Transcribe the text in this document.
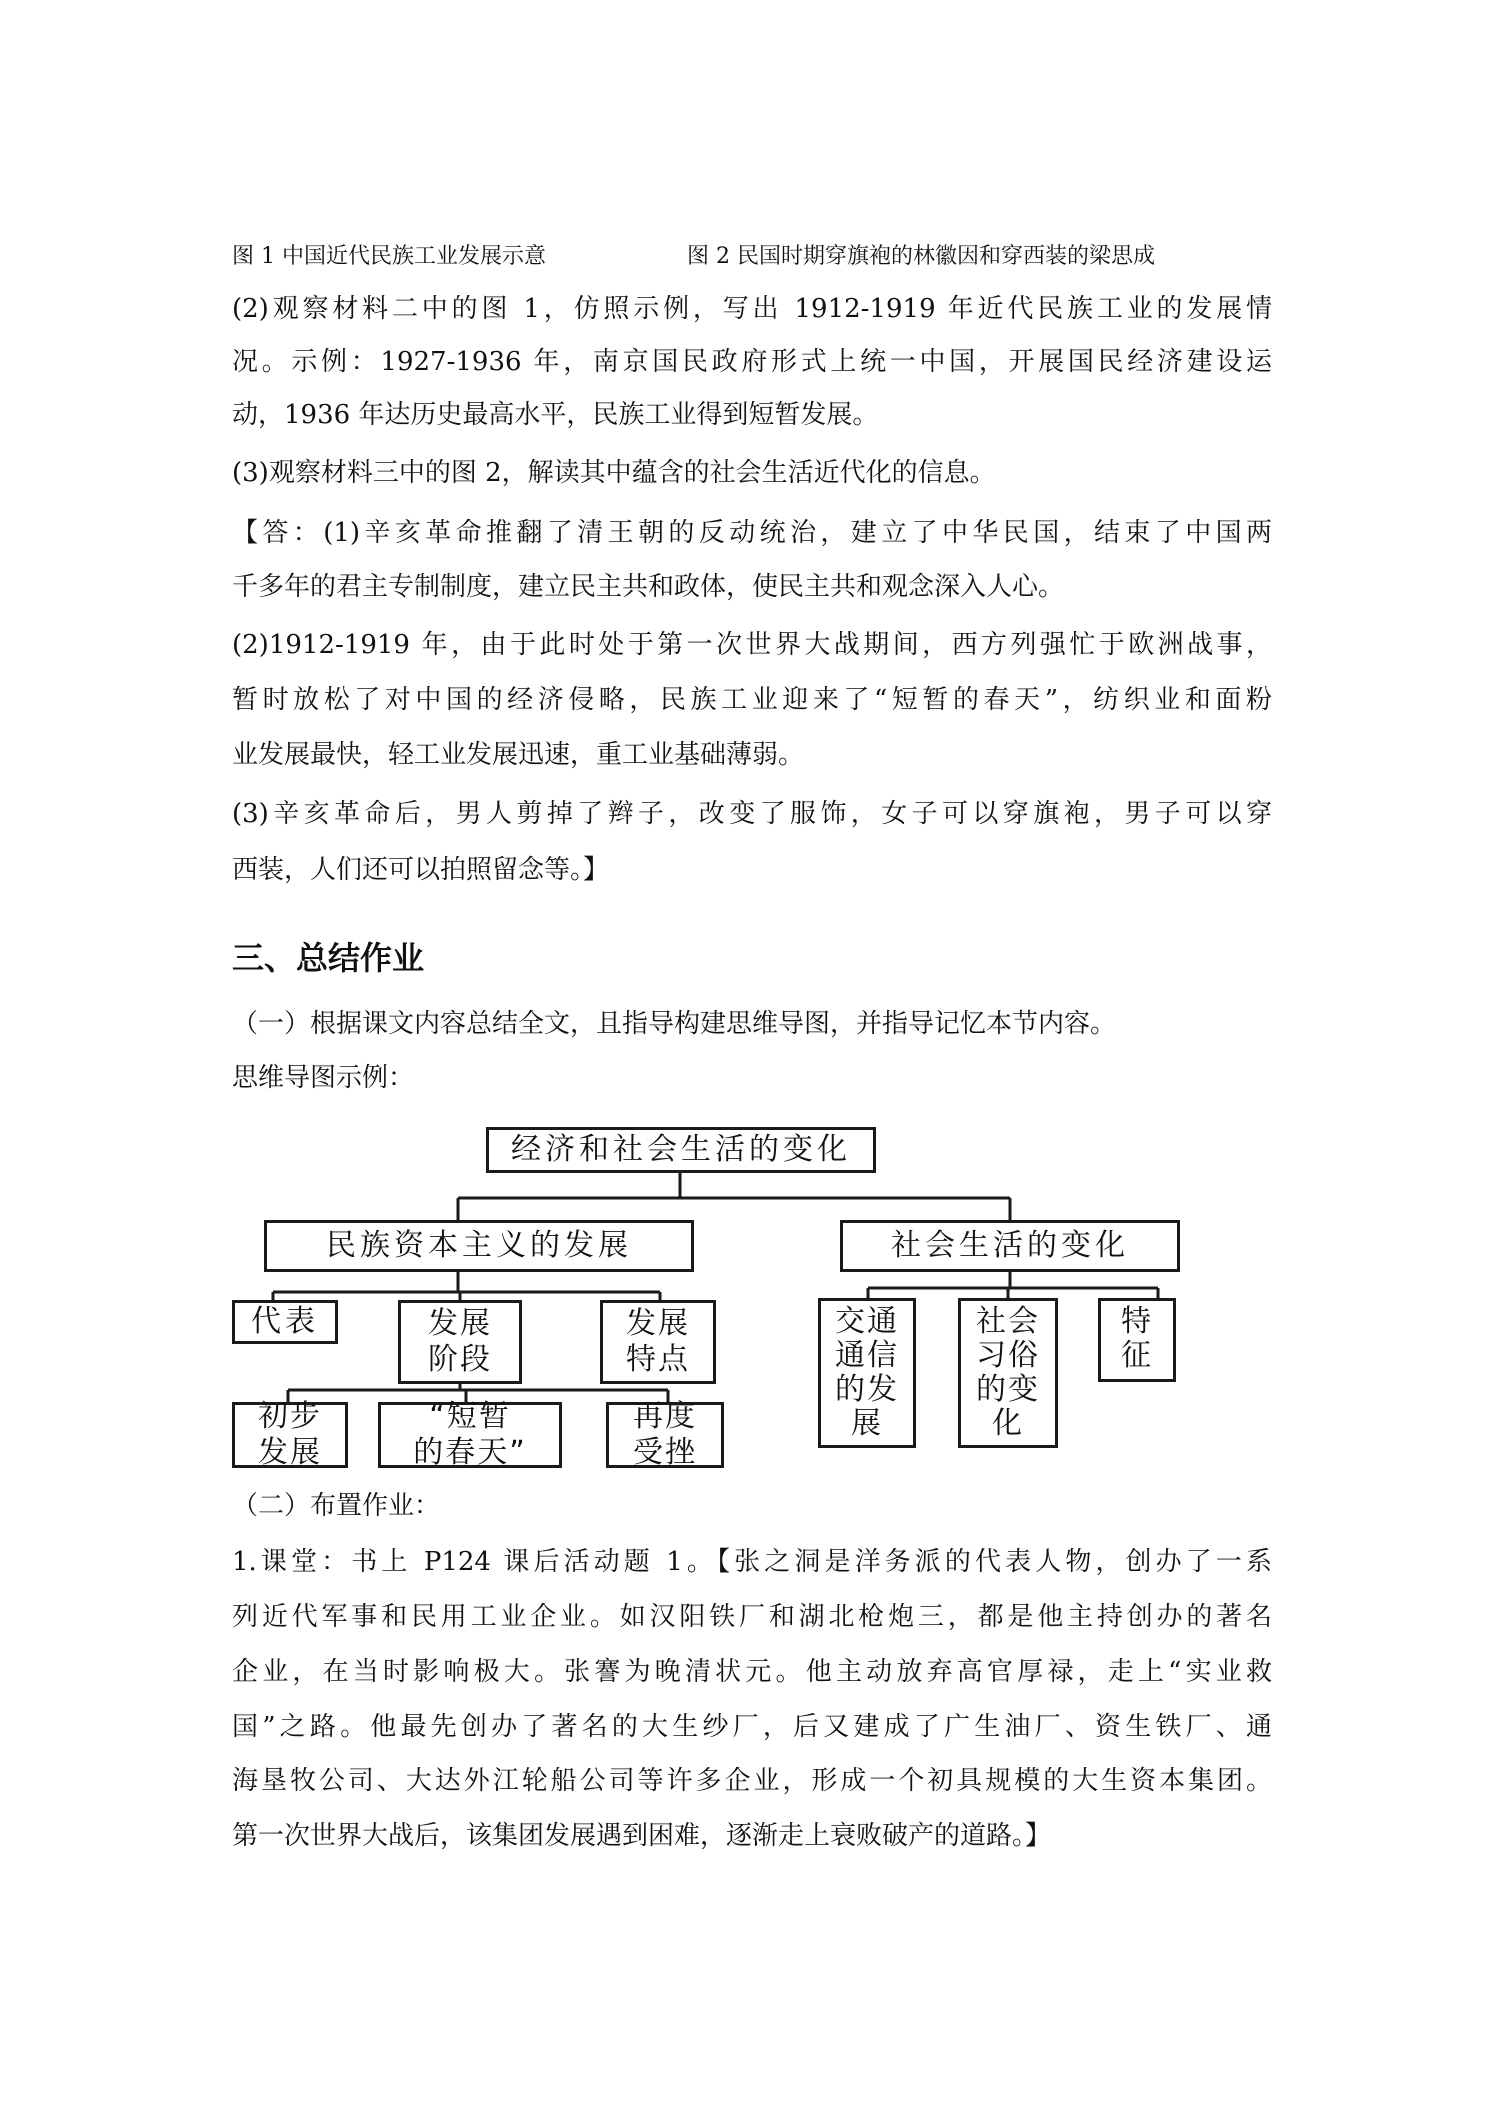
图 1 中国近代民族工业发展示意	图 2 民国时期穿旗袍的林徽因和穿西装的梁思成
(2)观察材料二中的图 1，仿照示例，写出 1912-1919 年近代民族工业的发展情
况。示例：1927-1936 年，南京国民政府形式上统一中国，开展国民经济建设运
动，1936 年达历史最高水平，民族工业得到短暂发展。
(3)观察材料三中的图 2，解读其中蕴含的社会生活近代化的信息。
【答：(1)辛亥革命推翻了清王朝的反动统治，建立了中华民国，结束了中国两
千多年的君主专制制度，建立民主共和政体，使民主共和观念深入人心。
(2)1912-1919 年，由于此时处于第一次世界大战期间，西方列强忙于欧洲战事，
暂时放松了对中国的经济侵略，民族工业迎来了“短暂的春天”，纺织业和面粉
业发展最快，轻工业发展迅速，重工业基础薄弱。
(3)辛亥革命后，男人剪掉了辫子，改变了服饰，女子可以穿旗袍，男子可以穿
西装，人们还可以拍照留念等。】
三、总结作业
（一）根据课文内容总结全文，且指导构建思维导图，并指导记忆本节内容。
思维导图示例：
经济和社会生活的变化
民族资本主义的发展	社会生活的变化
代表	发展
阶段
发展
特点
初步
发展
“短暂
的春天”
再度
受挫
交通
通信
的发
展
社会
习俗
的变
化
特
征
（二）布置作业：
1.课堂：书上 P124 课后活动题 1。【张之洞是洋务派的代表人物，创办了一系
列近代军事和民用工业企业。如汉阳铁厂和湖北枪炮三，都是他主持创办的著名
企业，在当时影响极大。张謇为晚清状元。他主动放弃高官厚禄，走上“实业救
国”之路。他最先创办了著名的大生纱厂，后又建成了广生油厂、资生铁厂、通
海垦牧公司、大达外江轮船公司等许多企业，形成一个初具规模的大生资本集团。
第一次世界大战后，该集团发展遇到困难，逐渐走上衰败破产的道路。】
